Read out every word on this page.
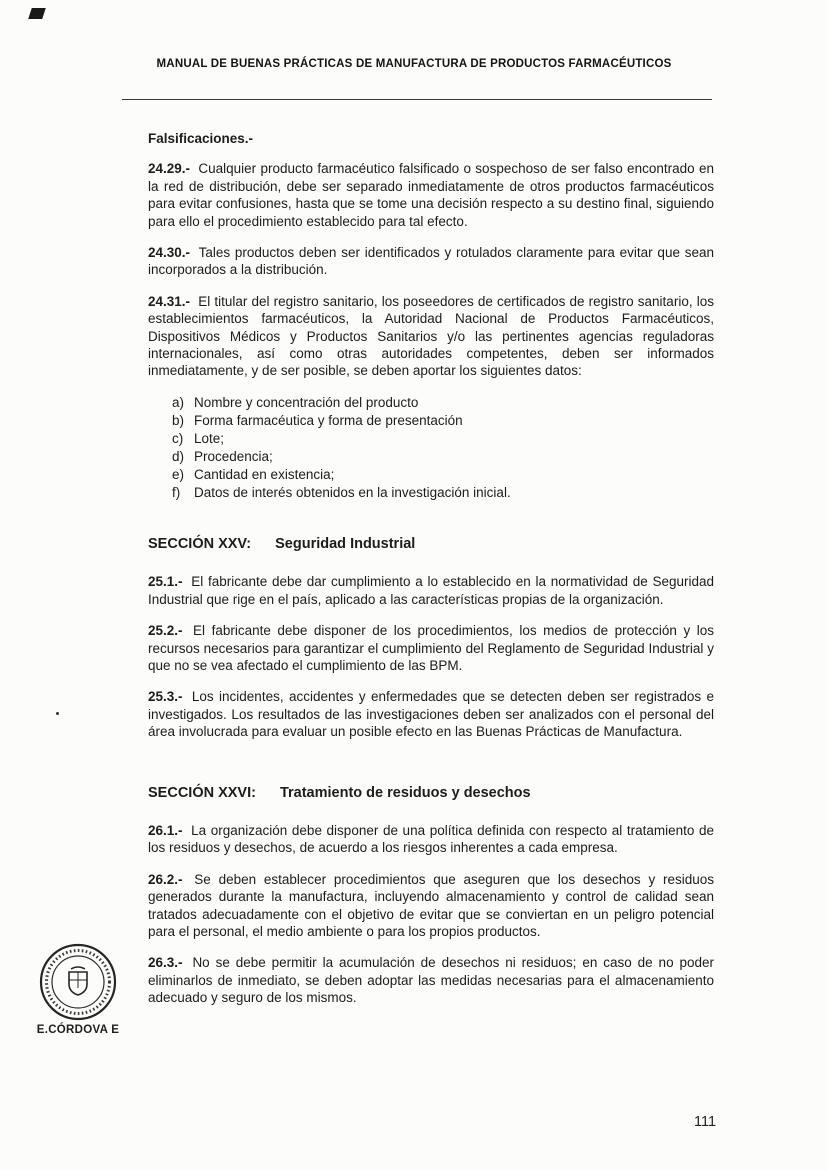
MANUAL DE BUENAS PRÁCTICAS DE MANUFACTURA DE PRODUCTOS FARMACÉUTICOS
Falsificaciones.-

24.29.- Cualquier producto farmacéutico falsificado o sospechoso de ser falso encontrado en la red de distribución, debe ser separado inmediatamente de otros productos farmacéuticos para evitar confusiones, hasta que se tome una decisión respecto a su destino final, siguiendo para ello el procedimiento establecido para tal efecto.

24.30.- Tales productos deben ser identificados y rotulados claramente para evitar que sean incorporados a la distribución.

24.31.- El titular del registro sanitario, los poseedores de certificados de registro sanitario, los establecimientos farmacéuticos, la Autoridad Nacional de Productos Farmacéuticos, Dispositivos Médicos y Productos Sanitarios y/o las pertinentes agencias reguladoras internacionales, así como otras autoridades competentes, deben ser informados inmediatamente, y de ser posible, se deben aportar los siguientes datos:

a) Nombre y concentración del producto
b) Forma farmacéutica y forma de presentación
c) Lote;
d) Procedencia;
e) Cantidad en existencia;
f)	Datos de interés obtenidos en la investigación inicial.
SECCIÓN XXV: Seguridad Industrial

25.1.- El fabricante debe dar cumplimiento a lo establecido en la normatividad de Seguridad Industrial que rige en el país, aplicado a las características propias de la organización.

25.2.- El fabricante debe disponer de los procedimientos, los medios de protección y los recursos necesarios para garantizar el cumplimiento del Reglamento de Seguridad Industrial y que no se vea afectado el cumplimiento de las BPM.

25.3.- Los incidentes, accidentes y enfermedades que se detecten deben ser registrados e investigados. Los resultados de las investigaciones deben ser analizados con el personal del área involucrada para evaluar un posible efecto en las Buenas Prácticas de Manufactura.

SECCIÓN XXVI: Tratamiento de residuos y desechos

26.1.- La organización debe disponer de una política definida con respecto al tratamiento de los residuos y desechos, de acuerdo a los riesgos inherentes a cada empresa.

26.2.- Se deben establecer procedimientos que aseguren que los desechos y residuos generados durante la manufactura, incluyendo almacenamiento y control de calidad sean tratados adecuadamente con el objetivo de evitar que se conviertan en un peligro potencial para el personal, el medio ambiente o para los propios productos.

26.3.- No se debe permitir la acumulación de desechos ni residuos; en caso de no poder eliminarlos de inmediato, se deben adoptar las medidas necesarias para el almacenamiento adecuado y seguro de los mismos.

E.CÓRDOVA E
111
